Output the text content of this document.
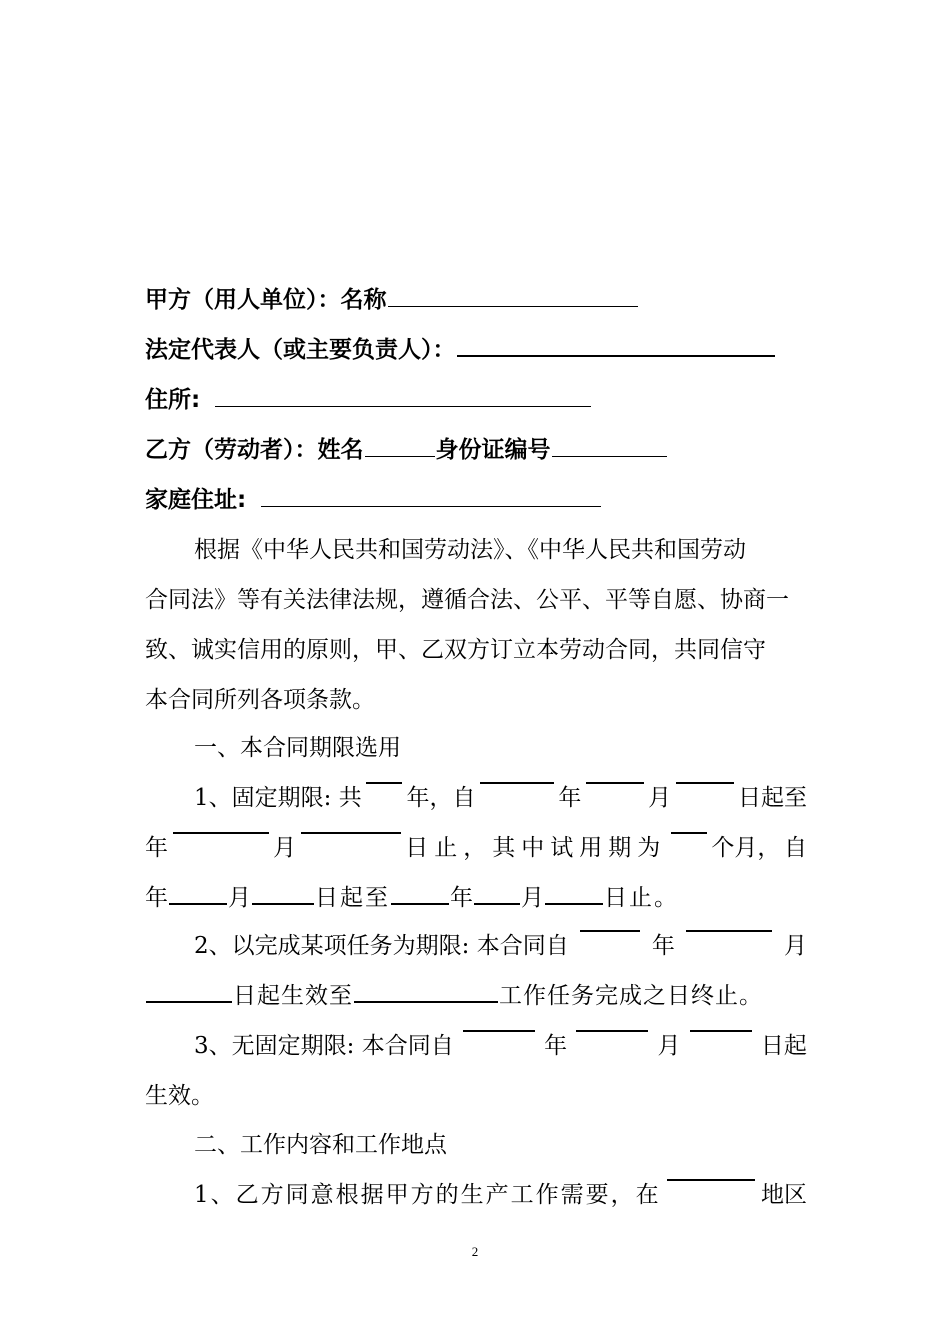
甲方（用人单位）：名称
法定代表人（或主要负责人）：
住所:
乙方（劳动者）：姓名	身份证编号
家庭住址:
根据《中华人民共和国劳动法》、《中华人民共和国劳动
合同法》等有关法律法规，遵循合法、公平、平等自愿、协商一
致、诚实信用的原则，甲、乙双方订立本劳动合同，共同信守
本合同所列各项条款。
一、本合同期限选用
1、固定期限: 共 年，自	年	月	日起至
年	月	日止，其中试用期为 个月， 自
年	月	日起至	年 月	日止。
2、以完成某项任务为期限: 本合同自	年	月
日起生效至	工作任务完成之日终止。
3、无固定期限: 本合同自	年	月	日起
生效。
二、工作内容和工作地点
1、乙方同意根据甲方的生产工作需要，在	地区
2
